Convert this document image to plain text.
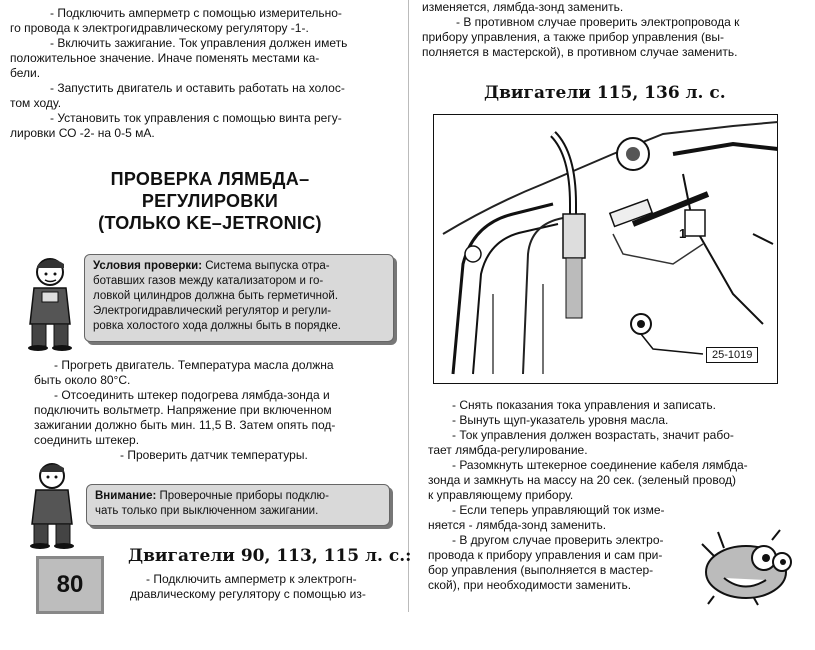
- Подключить амперметр с помощью измерительно-
го провода к электрогидравлическому регулятору -1-.
- Включить зажигание. Ток управления должен иметь
положительное значение. Иначе поменять местами ка-
бели.
- Запустить двигатель и оставить работать на холос-
том ходу.
- Установить ток управления с помощью винта регу-
лировки СО -2- на 0-5 мА.
ПРОВЕРКА ЛЯМБДА–
РЕГУЛИРОВКИ
(ТОЛЬКО KE–JETRONIC)
Условия проверки: Система выпуска отра-
ботавших газов между катализатором и го-
ловкой цилиндров должна быть герметичной.
Электрогидравлический регулятор и регули-
ровка холостого хода должны быть в порядке.
- Прогреть двигатель. Температура масла должна
быть около 80°С.
- Отсоединить штекер подогрева лямбда-зонда и
подключить вольтметр. Напряжение при включенном
зажигании должно быть мин. 11,5 В. Затем опять под-
соединить штекер.
- Проверить датчик температуры.
Внимание: Проверочные приборы подклю-
чать только при выключенном зажигании.
80
Двигатели 90, 113, 115 л. с.:
- Подключить амперметр к электрогн-
дравлическому регулятору с помощью из-
изменяется, лямбда-зонд заменить.
- В противном случае проверить электропровода к
прибору управления, а также прибор управления (вы-
полняется в мастерской), в противном случае заменить.
Двигатели 115, 136 л. с.
1
25-1019
- Снять показания тока управления и записать.
- Вынуть щуп-указатель уровня масла.
- Ток управления должен возрастать, значит рабо-
тает лямбда-регулирование.
- Разомкнуть штекерное соединение кабеля лямбда-
зонда и замкнуть на массу на 20 сек. (зеленый провод)
к управляющему прибору.
- Если теперь управляющий ток изме-
няется - лямбда-зонд заменить.
- В другом случае проверить электро-
провода к прибору управления и сам при-
бор управления (выполняется в мастер-
ской), при необходимости заменить.
